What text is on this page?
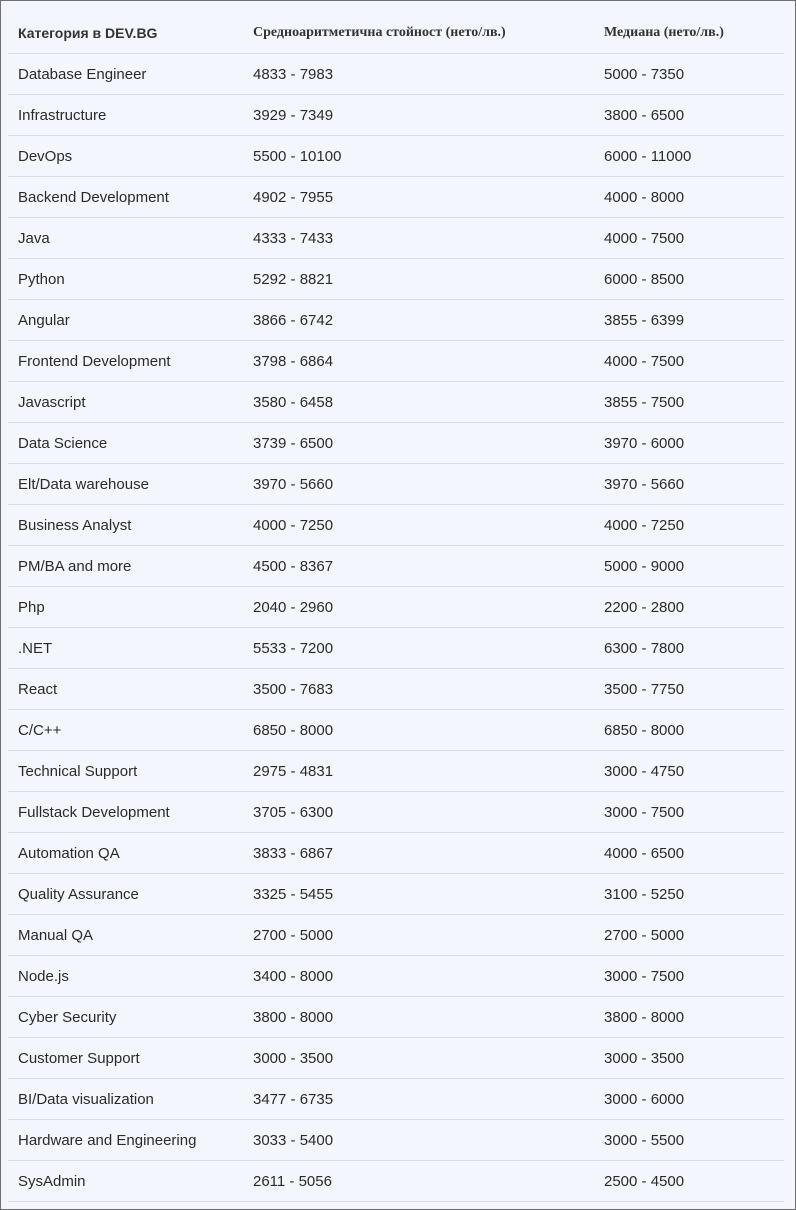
Категория в DEV.BG	Средноаритметична стойност (нето/лв.)	Медиана (нето/лв.)
Database Engineer	4833 - 7983	5000 - 7350
Infrastructure	3929 - 7349	3800 - 6500
DevOps	5500 - 10100	6000 - 11000
Backend Development	4902 - 7955	4000 - 8000
Java	4333 - 7433	4000 - 7500
Python	5292 - 8821	6000 - 8500
Angular	3866 - 6742	3855 - 6399
Frontend Development	3798 - 6864	4000 - 7500
Javascript	3580 - 6458	3855 - 7500
Data Science	3739 - 6500	3970 - 6000
Elt/Data warehouse	3970 - 5660	3970 - 5660
Business Analyst	4000 - 7250	4000 - 7250
PM/BA and more	4500 - 8367	5000 - 9000
Php	2040 - 2960	2200 - 2800
.NET	5533 - 7200	6300 - 7800
React	3500 - 7683	3500 - 7750
C/C++	6850 - 8000	6850 - 8000
Technical Support	2975 - 4831	3000 - 4750
Fullstack Development	3705 - 6300	3000 - 7500
Automation QA	3833 - 6867	4000 - 6500
Quality Assurance	3325 - 5455	3100 - 5250
Manual QA	2700 - 5000	2700 - 5000
Node.js	3400 - 8000	3000 - 7500
Cyber Security	3800 - 8000	3800 - 8000
Customer Support	3000 - 3500	3000 - 3500
BI/Data visualization	3477 - 6735	3000 - 6000
Hardware and Engineering	3033 - 5400	3000 - 5500
SysAdmin	2611 - 5056	2500 - 4500
